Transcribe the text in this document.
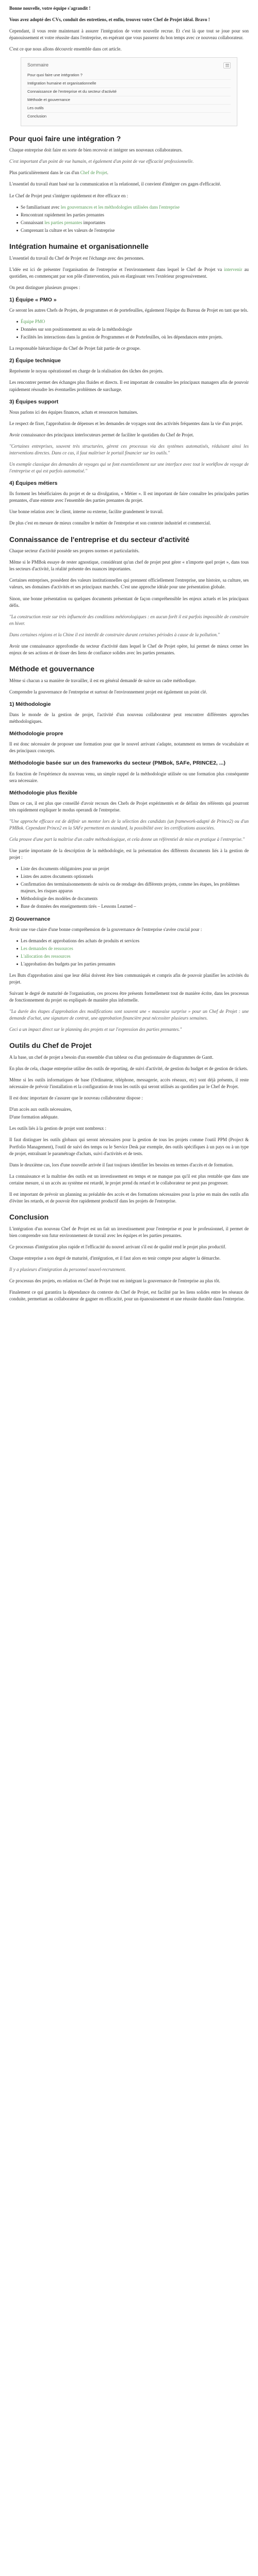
Bonne nouvelle, votre équipe s'agrandit !

Vous avez adopté des CVs, conduit des entretiens, et enfin, trouvez votre Chef de Projet idéal. Bravo !

Cependant, il vous reste maintenant à assurer l'intégration de votre nouvelle recrue. Et c'est là que tout se joue pour son épanouissement et votre réussite dans l'entreprise, en espérant que vous passerez du bon temps avec ce nouveau collaborateur.

C'est ce que nous allons découvrir ensemble dans cet article.

Sommaire
Pour quoi faire une intégration ?
Intégration humaine et organisationnelle
Connaissance de l'entreprise et du secteur d'activité
Méthode et gouvernance
Les outils
Conclusion
Pour quoi faire une intégration ?

Chaque entreprise doit faire en sorte de bien recevoir et intégrer ses nouveaux collaborateurs.

C'est important d'un point de vue humain, et également d'un point de vue efficacité professionnelle.

Plus particulièrement dans le cas d'un Chef de Projet.

L'essentiel du travail étant basé sur la communication et la relationnel, il convient d'intégrer ces gages d'efficacité.

Le Chef de Projet peut s'intégrer rapidement et être efficace en :

Se familiarisant avec les gouvernances et les méthodologies utilisées dans l'entreprise
Rencontrant rapidement les parties prenantes
Connaissant les parties prenantes importantes
Comprenant la culture et les valeurs de l'entreprise
Intégration humaine et organisationnelle

L'essentiel du travail du Chef de Projet est l'échange avec des personnes.

L'idée est ici de présenter l'organisation de l'entreprise et l'environnement dans lequel le Chef de Projet va intervenir au quotidien, en commençant par son pôle d'intervention, puis en élargissant vers l'extérieur progressivement.

On peut distinguer plusieurs groupes :

1) Équipe « PMO »

Ce seront les autres Chefs de Projets, de programmes et de portefeuilles, également l'équipe du Bureau de Projet en tant que tels.

Équipe PMO
Données sur son positionnement au sein de la méthodologie
Facilités les interactions dans la gestion de Programmes et de Portefeuilles, où les dépendances entre projets.

La responsable hiérarchique du Chef de Projet fait partie de ce groupe.

2) Équipe technique

Représente le noyau opérationnel en charge de la réalisation des tâches des projets.

Les rencontrer permet des échanges plus fluides et directs. Il est important de connaître les principaux managers afin de pouvoir rapidement résoudre les éventuelles problèmes de surcharge.

3) Équipes support

Nous parlons ici des équipes finances, achats et ressources humaines.

Le respect de fixer, l'approbation de dépenses et les demandes de voyages sont des activités fréquentes dans la vie d'un projet.

Avoir connaissance des principaux interlocuteurs permet de faciliter le quotidien du Chef de Projet.

"Certaines entreprises, souvent très structurées, gèrent ces processus via des systèmes automatisés, réduisant ainsi les interventions directes. Dans ce cas, il faut maîtriser le portail financier sur les outils."

Un exemple classique des demandes de voyages qui se font essentiellement sur une interface avec tout le workflow de voyage de l'entreprise et qui est parfois automatisé."

4) Équipes métiers

Ils forment les bénéficiaires du projet et de sa divulgation, « Métier ». Il est important de faire connaître les principales parties prenantes, d'une entente avec l'ensemble des parties prenantes du projet.

Une bonne relation avec le client, interne ou externe, facilite grandement le travail.

De plus c'est en mesure de mieux connaître le métier de l'entreprise et son contexte industriel et commercial.

Connaissance de l'entreprise et du secteur d'activité

Chaque secteur d'activité possède ses propres normes et particularités.

Même si le PMBok essaye de rester agnostique, considérant qu'un chef de projet peut gérer « n'importe quel projet », dans tous les secteurs d'activité, la réalité présente des nuances importantes.

Certaines entreprises, possèdent des valeurs institutionnelles qui prennent officiellement l'entreprise, une histoire, sa culture, ses valeurs, ses domaines d'activités et ses principaux marchés. C'est une approche idéale pour une présentation globale.

Sinon, une bonne présentation ou quelques documents présentant de façon compréhensible les enjeux actuels et les principaux défis.

"La construction reste sur très influencée des conditions météorologiques : en aucun forêt il est parfois impossible de construire en hiver.

Dans certaines régions et la Chine il est interdit de construire durant certaines périodes à cause de la pollution."

Avoir une connaissance approfondie du secteur d'activité dans lequel le Chef de Projet opère, lui permet de mieux cerner les enjeux de ses actions et de tisser des liens de confiance solides avec les parties prenantes.

Méthode et gouvernance

Même si chacun a sa manière de travailler, il est en général demandé de suivre un cadre méthodique.

Comprendre la gouvernance de l'entreprise et surtout de l'environnement projet est également un point clé.

1) Méthodologie

Dans le monde de la gestion de projet, l'activité d'un nouveau collaborateur peut rencontrer différentes approches méthodologiques.

Méthodologie propre

Il est donc nécessaire de proposer une formation pour que le nouvel arrivant s'adapte, notamment en termes de vocabulaire et des principaux concepts.

Méthodologie basée sur un des frameworks du secteur (PMBok, SAFe, PRINCE2, ...)

En fonction de l'expérience du nouveau venu, un simple rappel de la méthodologie utilisée ou une formation plus conséquente sera nécessaire.

Méthodologie plus flexible

Dans ce cas, il est plus que conseillé d'avoir recours des Chefs de Projet expérimentés et de définir des référents qui pourront très rapidement expliquer le modus operandi de l'entreprise.

"Une approche efficace est de définir un mentor lors de la sélection des candidats (un framework-adapté de Prince2) ou d'un PMBok. Cependant Prince2 en la SAFe permettent en standard, la possibilité avec les certifications associées.

Cela prouve d'une part la maîtrise d'un cadre méthodologique, et cela donne un référentiel de mise en pratique à l'entreprise."

Une partie importante de la description de la méthodologie, est la présentation des différents documents liés à la gestion de projet :

Liste des documents obligatoires pour un projet
Listes des autres documents optionnels
Confirmation des terminaisonnements de suivis ou de rendage des différents projets, comme les étapes, les problèmes majeurs, les risques apparus
Méthodologie des modèles de documents
Base de données des enseignements tirés – Lessons Learned –
2) Gouvernance

Avoir une vue claire d'une bonne compréhension de la gouvernance de l'entreprise s'avère crucial pour :

Les demandes et approbations des achats de produits et services
Les demandes de ressources
L'allocation des ressources
L'approbation des budgets par les parties prenantes

Les Buts d'approbation ainsi que leur délai doivent être bien communiqués et compris afin de pouvoir planifier les activités du projet.

Suivant le degré de maturité de l'organisation, ces process être présents formellement tout de manière écrite, dans les processus de fonctionnement du projet ou expliqués de manière plus informelle.

"La durée des étapes d'approbation des modifications sont souvent une « mauvaise surprise » pour un Chef de Projet : une demande d'achat, une signature de contrat, une approbation financière peut nécessiter plusieurs semaines.

Ceci a un impact direct sur le planning des projets et sur l'expression des parties prenantes."

Outils du Chef de Projet

A la base, un chef de projet a besoin d'un ensemble d'un tableur ou d'un gestionnaire de diagrammes de Gantt.

En plus de cela, chaque entreprise utilise des outils de reporting, de suivi d'activité, de gestion du budget et de gestion de tickets.

Même si les outils informatiques de base (Ordinateur, téléphone, messagerie, accès réseaux, etc) sont déjà présents, il reste nécessaire de prévoir l'installation et la configuration de tous les outils qui seront utilisés au quotidien par le Chef de Projet.

Il est donc important de s'assurer que le nouveau collaborateur dispose :

D'un accès aux outils nécessaires,

D'une formation adéquate.

Les outils liés à la gestion de projet sont nombreux :

Il faut distinguer les outils globaux qui seront nécessaires pour la gestion de tous les projets comme l'outil PPM (Project & Portfolio Management), l'outil de suivi des temps ou le Service Desk par exemple, des outils spécifiques à un pays ou à un type de projet, entraînant le paramétrage d'achats, suivi d'activités et de tests.

Dans le deuxième cas, lors d'une nouvelle arrivée il faut toujours identifier les besoins en termes d'accès et de formation.

La connaissance et la maîtrise des outils est un investissement en temps et ne manque pas qu'il est plus rentable que dans une certaine mesure, si un accès au système est retardé, le projet prend du retard et le collaborateur ne peut pas progresser.

Il est important de prévoir un planning au préalable des accès et des formations nécessaires pour la prise en main des outils afin d'éviter les retards, et de pouvoir être rapidement productif dans les projets de l'entreprise.

Conclusion

L'intégration d'un nouveau Chef de Projet est un fait un investissement pour l'entreprise et pour le professionnel, il permet de bien comprendre son futur environnement de travail avec les équipes et les parties prenantes.

Ce processus d'intégration plus rapide et l'efficacité du nouvel arrivant s'il est de qualité rend le projet plus productif.

Chaque entreprise a son degré de maturité, d'intégration, et il faut alors en tenir compte pour adapter la démarche.

Il y a plusieurs d'intégration du personnel nouvel-recrutement.

Ce processus des projets, en relation en Chef de Projet tout en intégrant la gouvernance de l'entreprise au plus tôt.

Finalement ce qui garantira la dépendance du contexte du Chef de Projet, est facilité par les liens solides entre les réseaux de conduite, permettant au collaborateur de gagner en efficacité, pour un épanouissement et une réussite durable dans l'entreprise.
